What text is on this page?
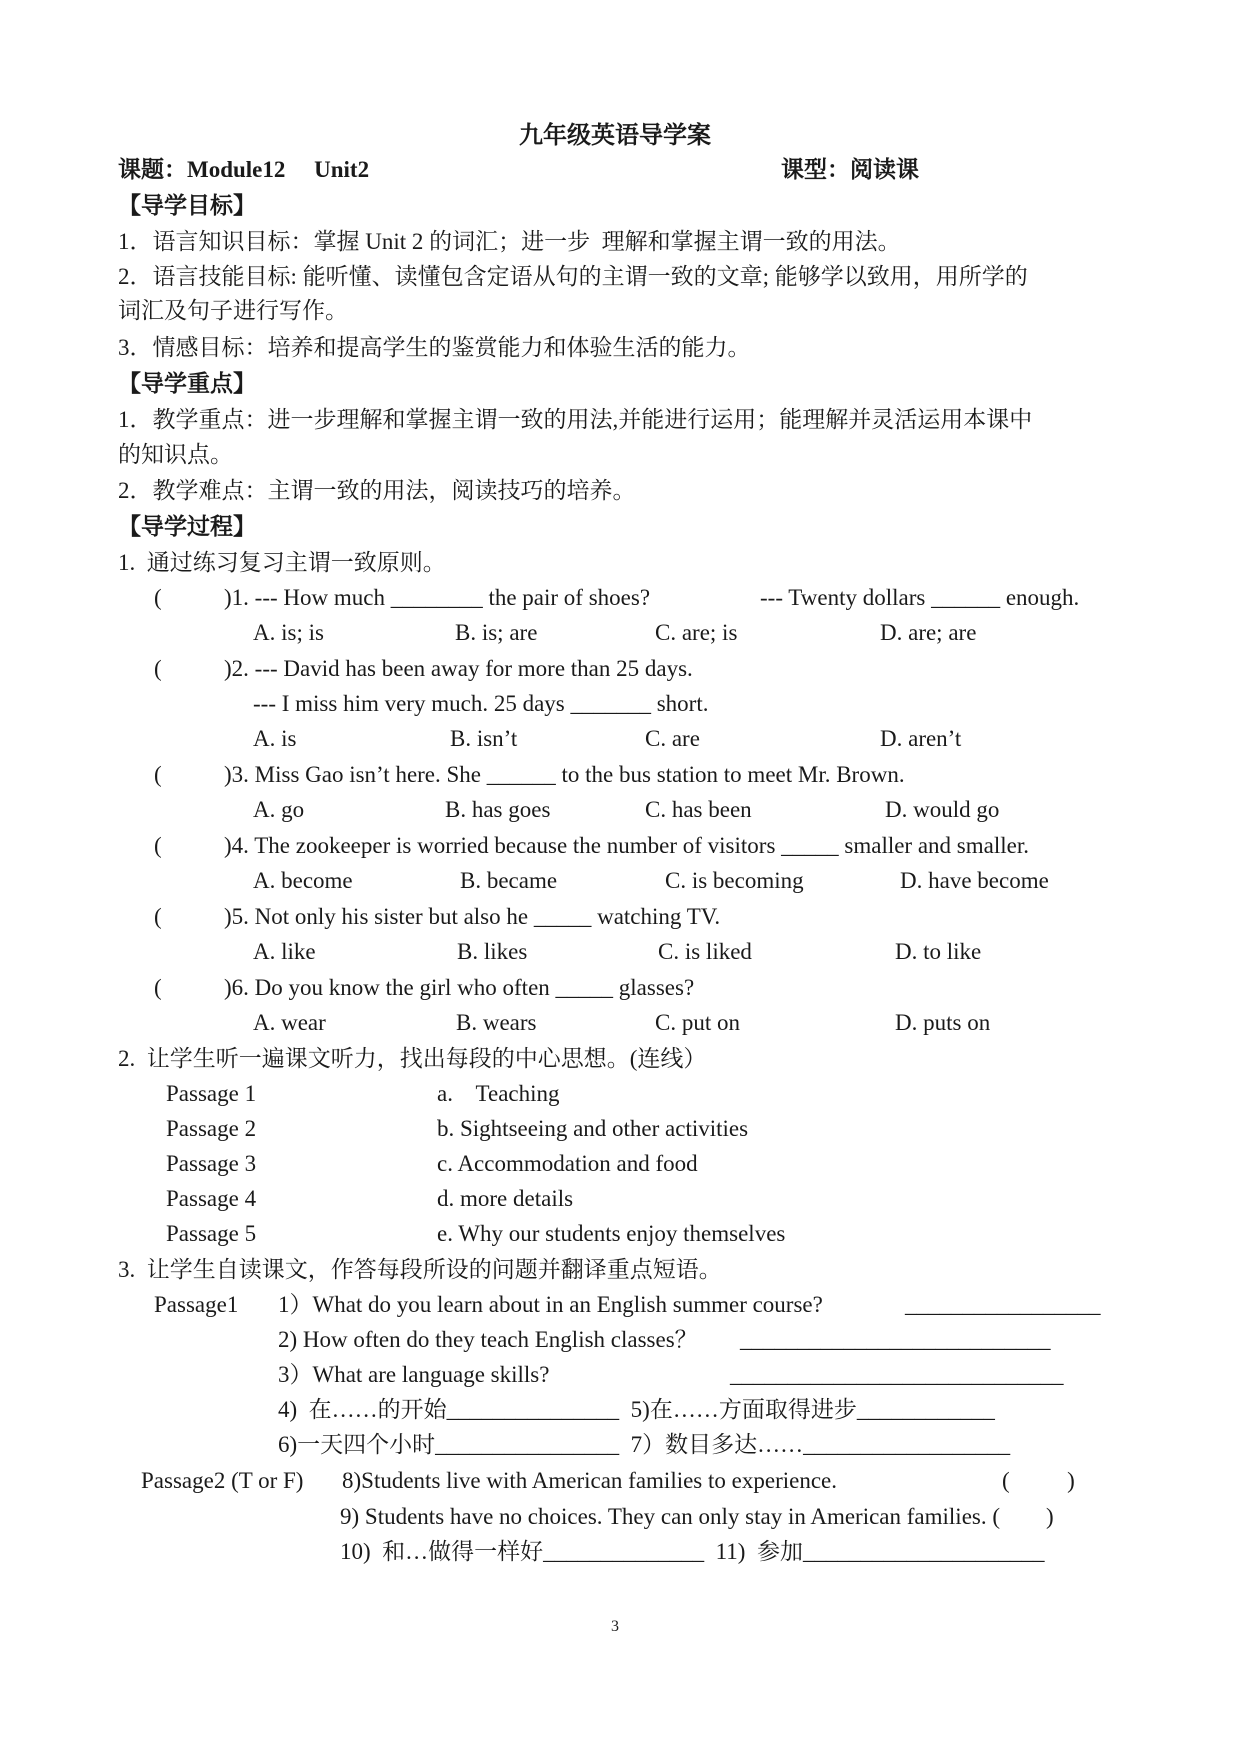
九年级英语导学案
课题：Module12 　Unit2	课型：阅读课
【导学目标】
1．语言知识目标：掌握 Unit 2 的词汇；进一步  理解和掌握主谓一致的用法。
2．语言技能目标: 能听懂、读懂包含定语从句的主谓一致的文章; 能够学以致用，用所学的
词汇及句子进行写作。
3．情感目标：培养和提高学生的鉴赏能力和体验生活的能力。
【导学重点】
1．教学重点：进一步理解和掌握主谓一致的用法,并能进行运用；能理解并灵活运用本课中
的知识点。
2．教学难点：主谓一致的用法，阅读技巧的培养。
【导学过程】
1.  通过练习复习主谓一致原则。
(	)1. --- How much ________ the pair of shoes?	--- Twenty dollars ______ enough.
A. is; is	B. is; are	C. are; is	D. are; are
(	)2. --- David has been away for more than 25 days.
--- I miss him very much. 25 days _______ short.
A. is	B. isn’t	C. are	D. aren’t
(	)3. Miss Gao isn’t here. She ______ to the bus station to meet Mr. Brown.
A. go	B. has goes	C. has been	D. would go
(	)4. The zookeeper is worried because the number of visitors _____ smaller and smaller.
A. become	B. became	C. is becoming	D. have become
(	)5. Not only his sister but also he _____ watching TV.
A. like	B. likes	C. is liked	D. to like
(	)6. Do you know the girl who often _____ glasses?
A. wear	B. wears	C. put on	D. puts on
2.  让学生听一遍课文听力，找出每段的中心思想。(连线）
Passage 1	a.    Teaching
Passage 2	b. Sightseeing and other activities
Passage 3	c. Accommodation and food
Passage 4	d. more details
Passage 5	e. Why our students enjoy themselves
3.  让学生自读课文，作答每段所设的问题并翻译重点短语。
Passage1 1）What do you learn about in an English summer course?	_________________
2) How often do they teach English classes？ ___________________________
3）What are language skills?	_____________________________
4)  在……的开始_______________  5)在……方面取得进步____________
6)一天四个小时________________  7）数目多达……__________________
Passage2 (T or F) 8)Students live with American families to experience.	(          )
9) Students have no choices. They can only stay in American families. (        )
10)  和…做得一样好______________  11)  参加_____________________
3
